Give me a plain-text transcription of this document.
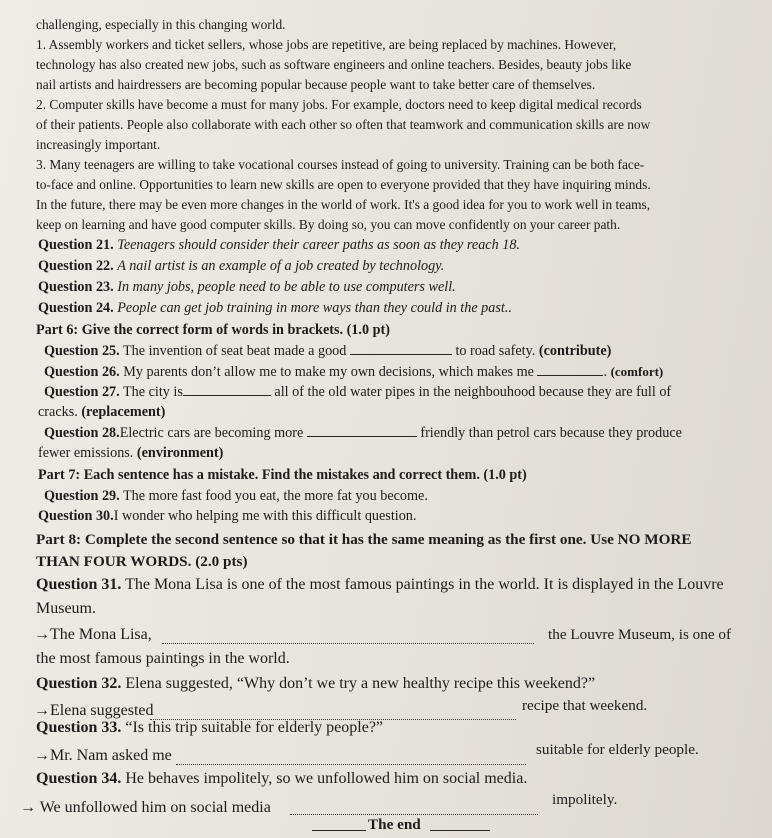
challenging, especially in this changing world.
1. Assembly workers and ticket sellers, whose jobs are repetitive, are being replaced by machines. However,
technology has also created new jobs, such as software engineers and online teachers. Besides, beauty jobs like
nail artists and hairdressers are becoming popular because people want to take better care of themselves.
2. Computer skills have become a must for many jobs. For example, doctors need to keep digital medical records
of their patients. People also collaborate with each other so often that teamwork and communication skills are now
increasingly important.
3. Many teenagers are willing to take vocational courses instead of going to university. Training can be both face-
to-face and online. Opportunities to learn new skills are open to everyone provided that they have inquiring minds.
In the future, there may be even more changes in the world of work. It's a good idea for you to work well in teams,
keep on learning and have good computer skills. By doing so, you can move confidently on your career path.
Question 21. Teenagers should consider their career paths as soon as they reach 18.
Question 22. A nail artist is an example of a job created by technology.
Question 23. In many jobs, people need to be able to use computers well.
Question 24. People can get job training in more ways than they could in the past..
Part 6: Give the correct form of words in brackets. (1.0 pt)
Question 25. The invention of seat beat made a good	to road safety. (contribute)
Question 26. My parents don’t allow me to make my own decisions, which makes me	. (comfort)
Question 27. The city is	all of the old water pipes in the neighbouhood because they are full of
cracks. (replacement)
Question 28.Electric cars are becoming more	friendly than petrol cars because they produce
fewer emissions. (environment)
Part 7: Each sentence has a mistake. Find the mistakes and correct them. (1.0 pt)
Question 29. The more fast food you eat, the more fat you become.
Question 30.I wonder who helping me with this difficult question.
Part 8: Complete the second sentence so that it has the same meaning as the first one. Use NO MORE
THAN FOUR WORDS. (2.0 pts)
Question 31. The Mona Lisa is one of the most famous paintings in the world. It is displayed in the Louvre
Museum.
→The Mona Lisa,	the Louvre Museum, is one of
the most famous paintings in the world.
Question 32. Elena suggested, “Why don’t we try a new healthy recipe this weekend?”
→Elena suggested	recipe that weekend.
Question 33. “Is this trip suitable for elderly people?”
→Mr. Nam asked me	suitable for elderly people.
Question 34. He behaves impolitely, so we unfollowed him on social media.
→ We unfollowed him on social media	impolitely.
The end
